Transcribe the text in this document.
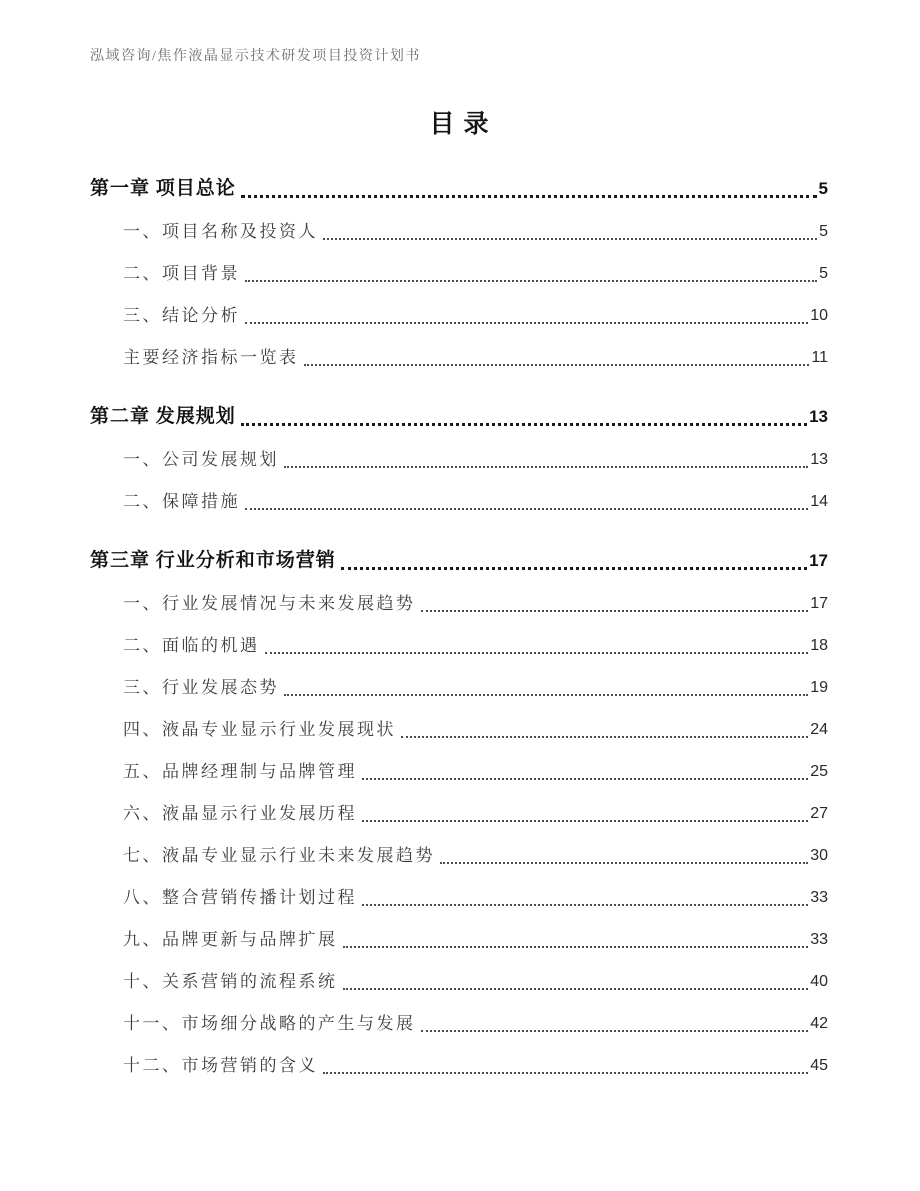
泓域咨询/焦作液晶显示技术研发项目投资计划书
目录
第一章 项目总论	5
一、项目名称及投资人	5
二、项目背景	5
三、结论分析	10
主要经济指标一览表	11
第二章 发展规划	13
一、公司发展规划	13
二、保障措施	14
第三章 行业分析和市场营销	17
一、行业发展情况与未来发展趋势	17
二、面临的机遇	18
三、行业发展态势	19
四、液晶专业显示行业发展现状	24
五、品牌经理制与品牌管理	25
六、液晶显示行业发展历程	27
七、液晶专业显示行业未来发展趋势	30
八、整合营销传播计划过程	33
九、品牌更新与品牌扩展	33
十、关系营销的流程系统	40
十一、市场细分战略的产生与发展	42
十二、市场营销的含义	45
